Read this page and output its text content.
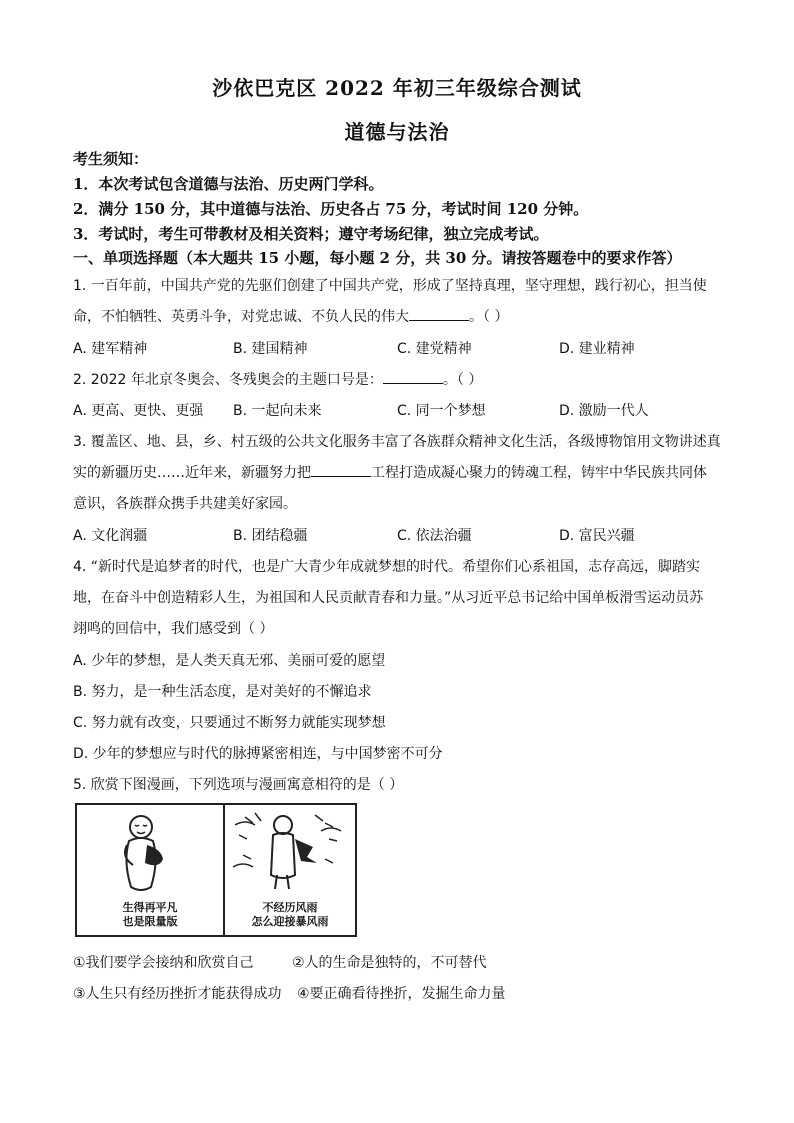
沙依巴克区 2022 年初三年级综合测试
道德与法治
考生须知：
1．本次考试包含道德与法治、历史两门学科。
2．满分 150 分，其中道德与法治、历史各占 75 分，考试时间 120 分钟。
3．考试时，考生可带教材及相关资料；遵守考场纪律，独立完成考试。
一、单项选择题（本大题共 15 小题，每小题 2 分，共 30 分。请按答题卷中的要求作答）
1. 一百年前，中国共产党的先驱们创建了中国共产党，形成了坚持真理，坚守理想，践行初心，担当使
命，不怕牺牲、英勇斗争，对党忠诚、不负人民的伟大	。（ ）
A. 建军精神	B. 建国精神	C. 建党精神	D. 建业精神
2. 2022 年北京冬奥会、冬残奥会的主题口号是：	。（ ）
A. 更高、更快、更强 B. 一起向未来	C. 同一个梦想	D. 激励一代人
3. 覆盖区、地、县，乡、村五级的公共文化服务丰富了各族群众精神文化生活，各级博物馆用文物讲述真
实的新疆历史……近年来，新疆努力把	工程打造成凝心聚力的铸魂工程，铸牢中华民族共同体
意识，各族群众携手共建美好家园。
A. 文化润疆	B. 团结稳疆	C. 依法治疆	D. 富民兴疆
4. “新时代是追梦者的时代，也是广大青少年成就梦想的时代。希望你们心系祖国，志存高远，脚踏实
地，在奋斗中创造精彩人生，为祖国和人民贡献青春和力量。”从习近平总书记给中国单板滑雪运动员苏
翊鸣的回信中，我们感受到（ ）
A. 少年的梦想，是人类天真无邪、美丽可爱的愿望
B. 努力，是一种生活态度，是对美好的不懈追求
C. 努力就有改变，只要通过不断努力就能实现梦想
D. 少年的梦想应与时代的脉搏紧密相连，与中国梦密不可分
5. 欣赏下图漫画，下列选项与漫画寓意相符的是（ ）
生得再平凡
也是限量版
不经历风雨
怎么迎接暴风雨
①我们要学会接纳和欣赏自己	②人的生命是独特的，不可替代
③人生只有经历挫折才能获得成功 ④要正确看待挫折，发掘生命力量
